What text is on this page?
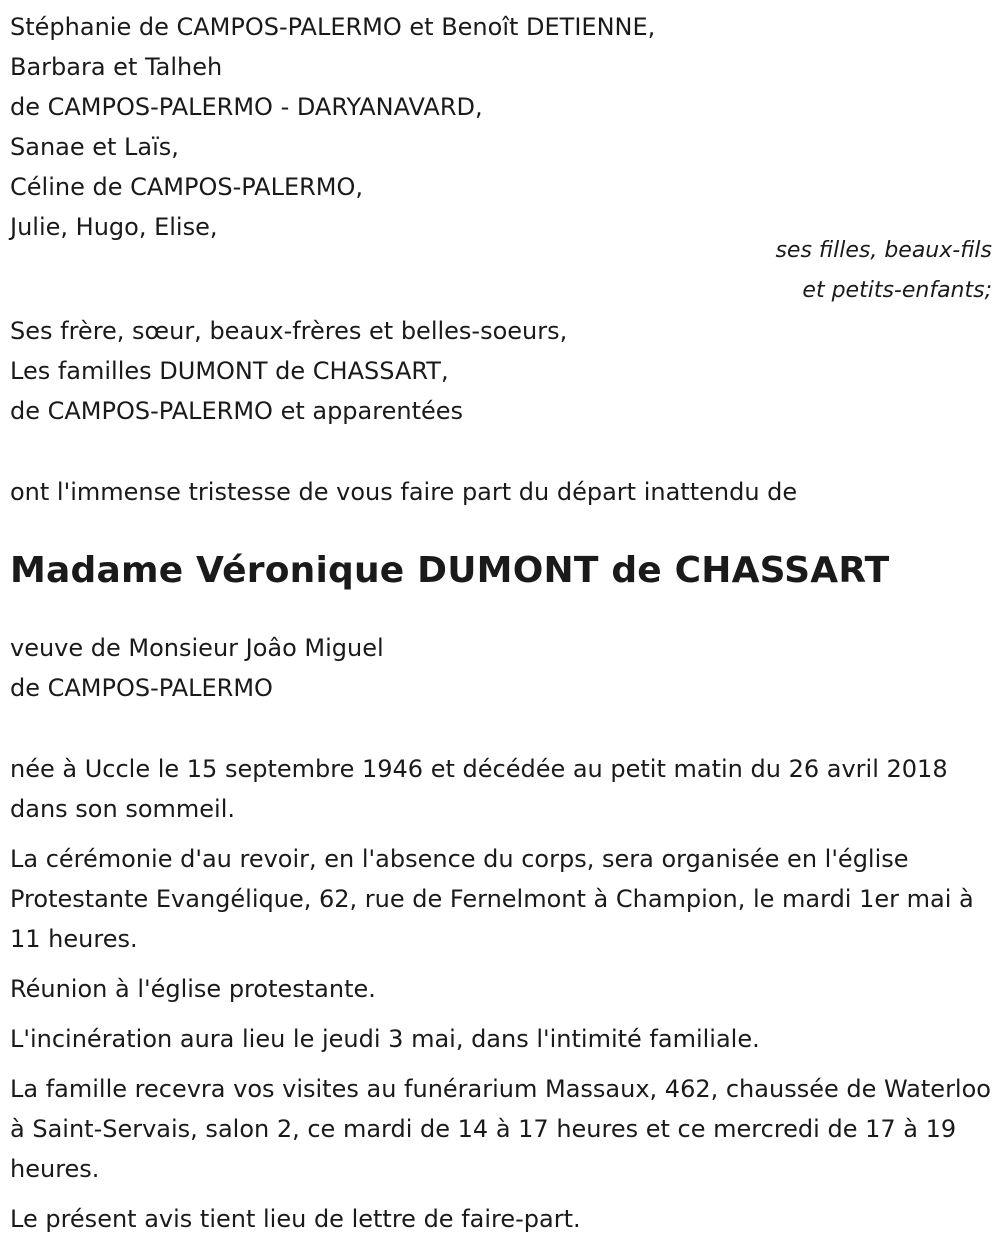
Stéphanie de CAMPOS-PALERMO et Benoît DETIENNE,

Barbara et Talheh

de CAMPOS-PALERMO - DARYANAVARD,

Sanae et Laïs,

Céline de CAMPOS-PALERMO,

Julie, Hugo, Elise,

ses filles, beaux-fils
et petits-enfants;

Ses frère, sœur, beaux-frères et belles-soeurs,

Les familles DUMONT de CHASSART,

de CAMPOS-PALERMO et apparentées

ont l'immense tristesse de vous faire part du départ inattendu de

Madame Véronique DUMONT de CHASSART

veuve de Monsieur Joâo Miguel

de CAMPOS-PALERMO

née à Uccle le 15 septembre 1946 et décédée au petit matin du 26 avril 2018 dans son sommeil.

La cérémonie d'au revoir, en l'absence du corps, sera organisée en l'église Protestante Evangélique, 62, rue de Fernelmont à Champion, le mardi 1er mai à 11 heures.

Réunion à l'église protestante.

L'incinération aura lieu le jeudi 3 mai, dans l'intimité familiale.

La famille recevra vos visites au funérarium Massaux, 462, chaussée de Waterloo à Saint-Servais, salon 2, ce mardi de 14 à 17 heures et ce mercredi de 17 à 19 heures.

Le présent avis tient lieu de lettre de faire-part.
